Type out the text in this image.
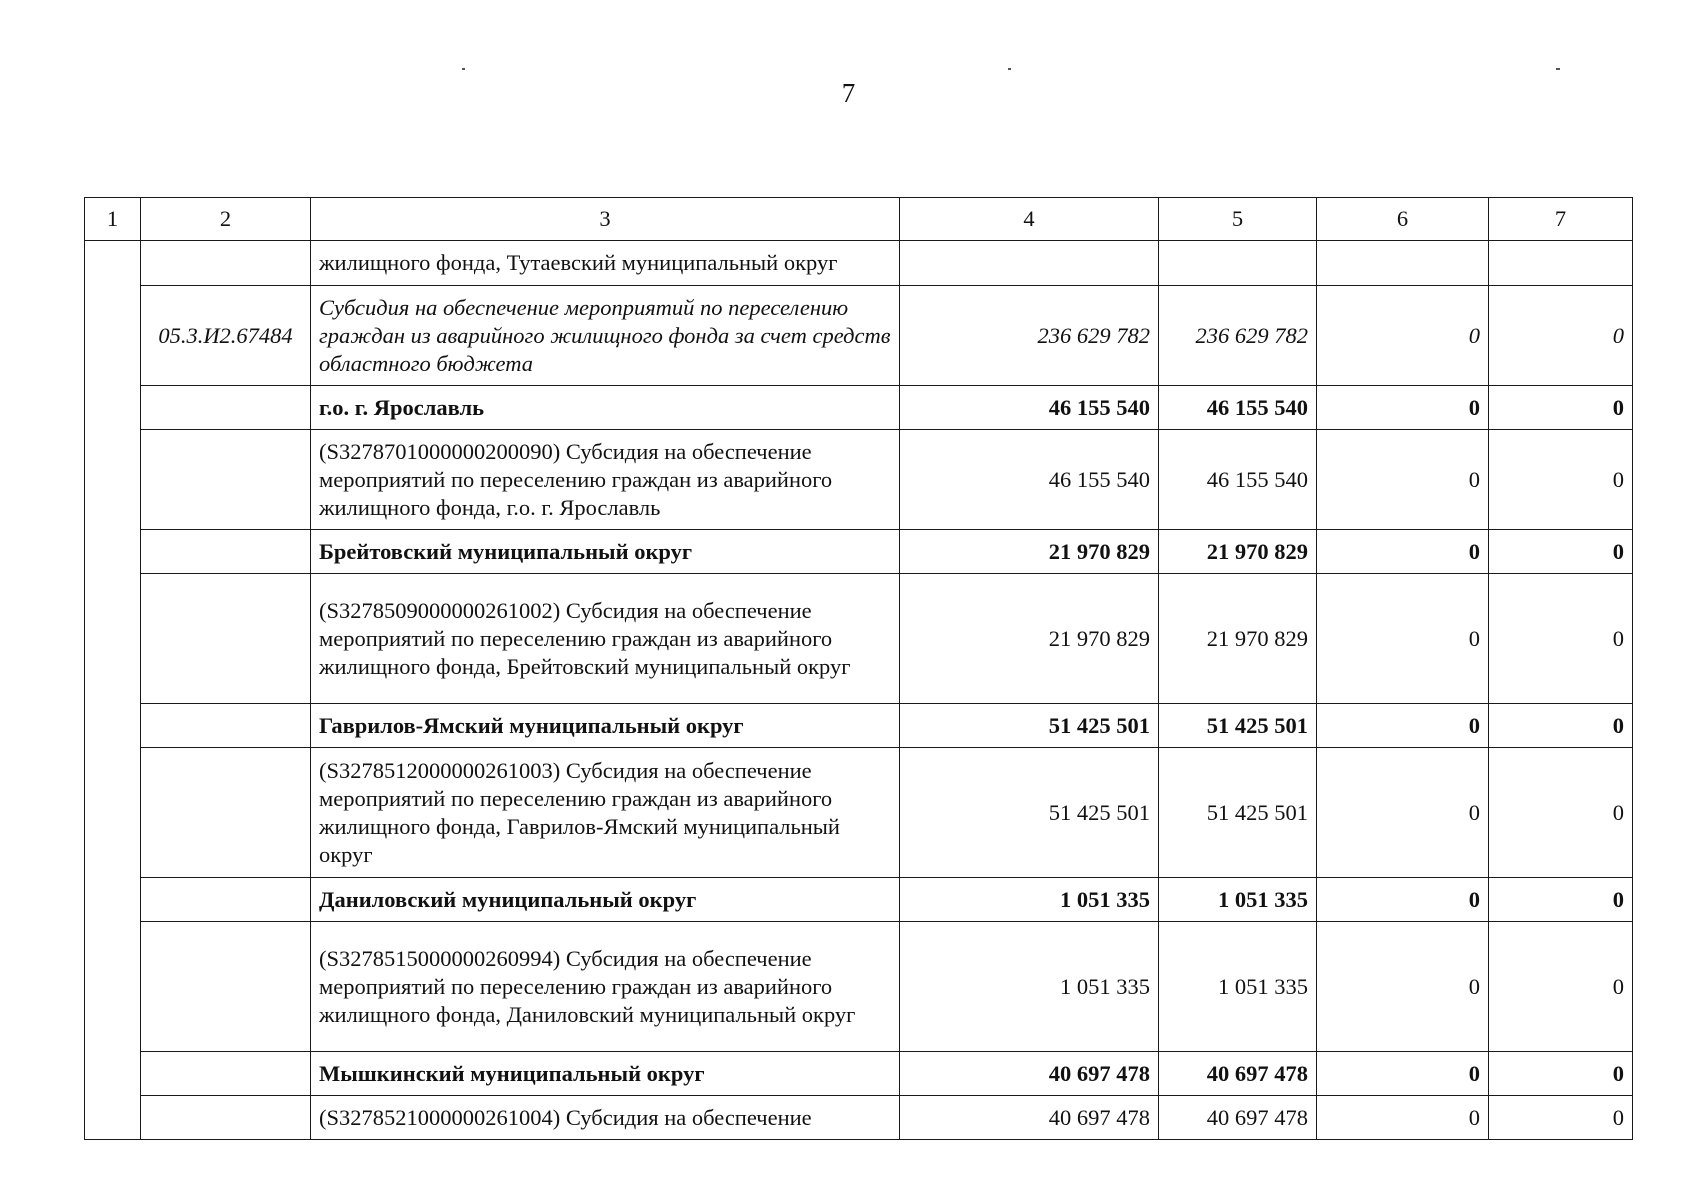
7
1	2	3	4	5	6	7
		жилищного фонда, Тутаевский муниципальный округ				
	05.3.И2.67484	Субсидия на обеспечение мероприятий по переселению граждан из аварийного жилищного фонда за счет средств областного бюджета	236 629 782	236 629 782	0	0
		г.о. г. Ярославль	46 155 540	46 155 540	0	0
		(S3278701000000200090) Субсидия на обеспечение мероприятий по переселению граждан из аварийного жилищного фонда, г.о. г. Ярославль	46 155 540	46 155 540	0	0
		Брейтовский муниципальный округ	21 970 829	21 970 829	0	0
		(S3278509000000261002) Субсидия на обеспечение мероприятий по переселению граждан из аварийного жилищного фонда, Брейтовский муниципальный округ	21 970 829	21 970 829	0	0
		Гаврилов-Ямский муниципальный округ	51 425 501	51 425 501	0	0
		(S3278512000000261003) Субсидия на обеспечение мероприятий по переселению граждан из аварийного жилищного фонда, Гаврилов-Ямский муниципальный округ	51 425 501	51 425 501	0	0
		Даниловский муниципальный округ	1 051 335	1 051 335	0	0
		(S3278515000000260994) Субсидия на обеспечение мероприятий по переселению граждан из аварийного жилищного фонда, Даниловский муниципальный округ	1 051 335	1 051 335	0	0
		Мышкинский муниципальный округ	40 697 478	40 697 478	0	0
		(S3278521000000261004) Субсидия на обеспечение	40 697 478	40 697 478	0	0
